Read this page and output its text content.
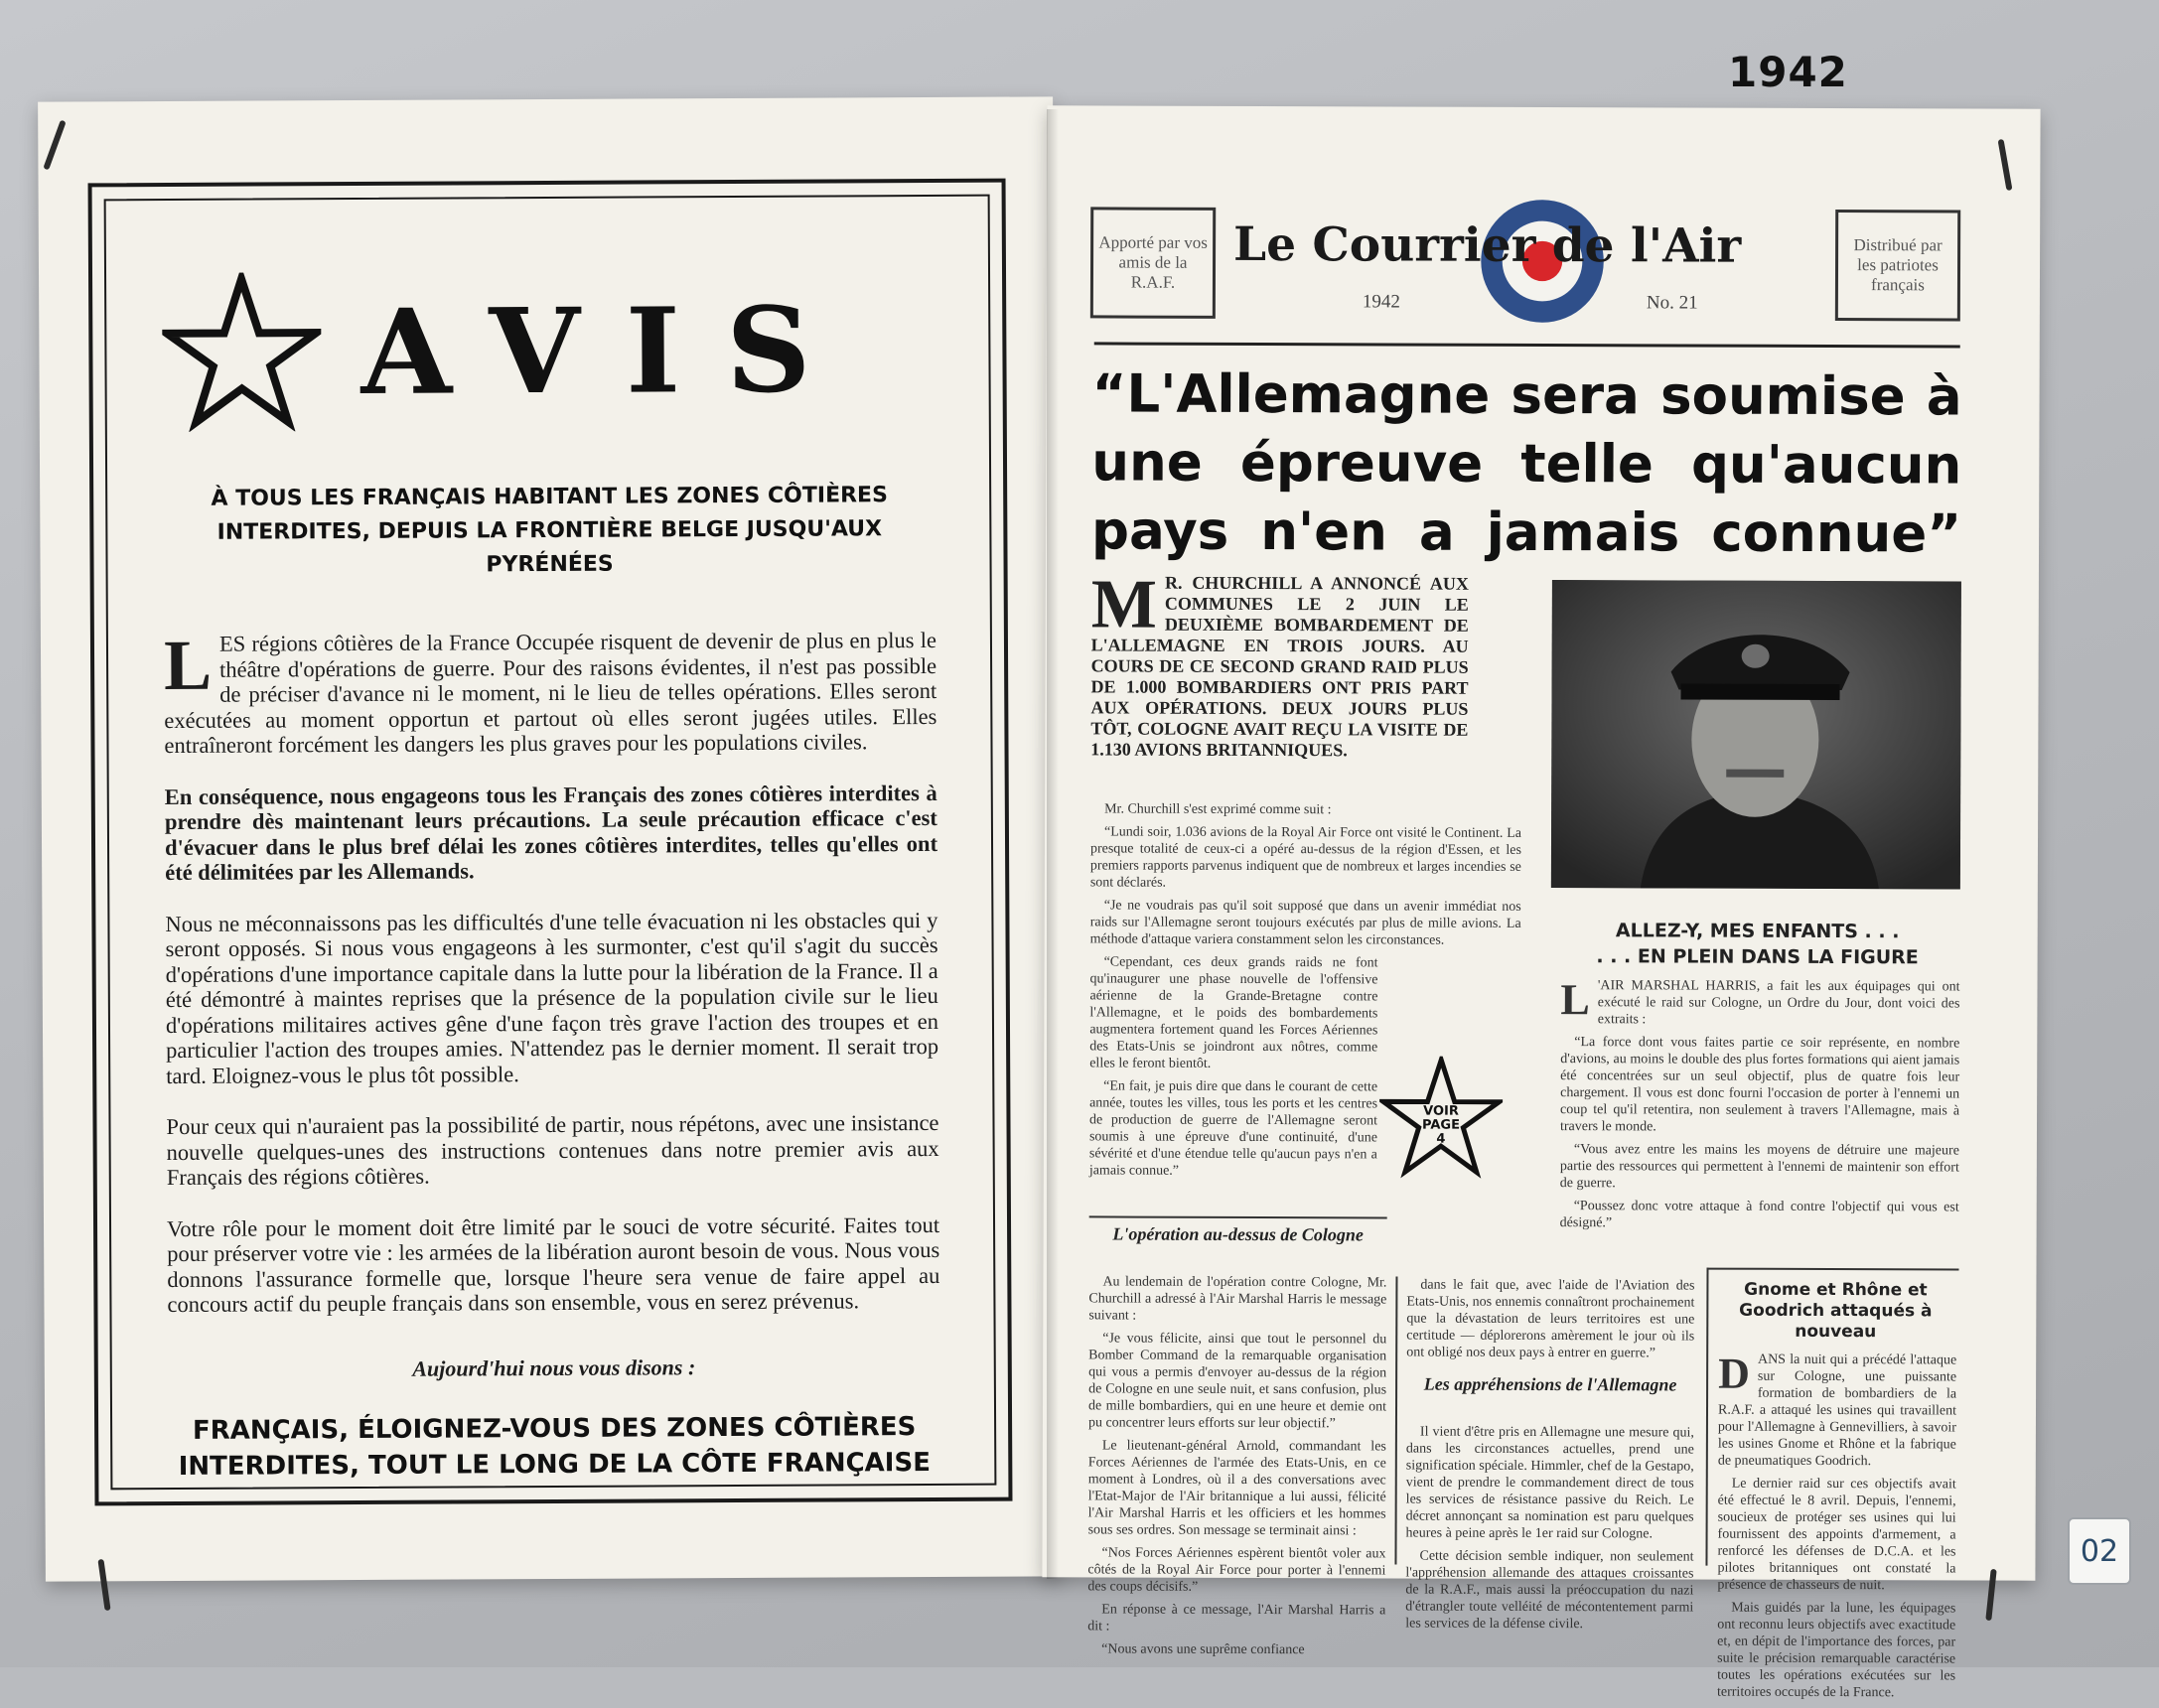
1942
AVIS
À TOUS LES FRANÇAIS HABITANT LES ZONES CÔTIÈRES INTERDITES, DEPUIS LA FRONTIÈRE BELGE JUSQU'AUX PYRÉNÉES

LES régions côtières de la France Occupée risquent de devenir de plus en plus le théâtre d'opérations de guerre. Pour des raisons évidentes, il n'est pas possible de préciser d'avance ni le moment, ni le lieu de telles opérations. Elles seront exécutées au moment opportun et partout où elles seront jugées utiles. Elles entraîneront forcément les dangers les plus graves pour les populations civiles.

En conséquence, nous engageons tous les Français des zones côtières interdites à prendre dès maintenant leurs précautions. La seule précaution efficace c'est d'évacuer dans le plus bref délai les zones côtières interdites, telles qu'elles ont été délimitées par les Allemands.

Nous ne méconnaissons pas les difficultés d'une telle évacuation ni les obstacles qui y seront opposés. Si nous vous engageons à les surmonter, c'est qu'il s'agit du succès d'opérations d'une importance capitale dans la lutte pour la libération de la France. Il a été démontré à maintes reprises que la présence de la population civile sur le lieu d'opérations militaires actives gêne d'une façon très grave l'action des troupes et en particulier l'action des troupes amies. N'attendez pas le dernier moment. Il serait trop tard. Eloignez-vous le plus tôt possible.

Pour ceux qui n'auraient pas la possibilité de partir, nous répétons, avec une insistance nouvelle quelques-unes des instructions contenues dans notre premier avis aux Français des régions côtières.

Votre rôle pour le moment doit être limité par le souci de votre sécurité. Faites tout pour préserver votre vie : les armées de la libération auront besoin de vous. Nous vous donnons l'assurance formelle que, lorsque l'heure sera venue de faire appel au concours actif du peuple français dans son ensemble, vous en serez prévenus.

Aujourd'hui nous vous disons :
FRANÇAIS, ÉLOIGNEZ-VOUS DES ZONES CÔTIÈRES
INTERDITES, TOUT LE LONG DE LA CÔTE FRANÇAISE
Apporté par vos amis de la R.A.F.
Le Courrier de l'Air	Distribué par les patriotes français
1942	No. 21
“L'Allemagne sera soumise à une épreuve telle qu'aucun pays n'en a jamais connue”
M R. CHURCHILL A ANNONCÉ AUX COMMUNES LE 2 JUIN LE DEUXIÈME BOMBARDEMENT DE L'ALLEMAGNE EN TROIS JOURS. AU COURS DE CE SECOND GRAND RAID PLUS DE 1.000 BOMBARDIERS ONT PRIS PART AUX OPÉRATIONS. DEUX JOURS PLUS TÔT, COLOGNE AVAIT REÇU LA VISITE DE 1.130 AVIONS BRITANNIQUES.

Mr. Churchill s'est exprimé comme suit :

“Lundi soir, 1.036 avions de la Royal Air Force ont visité le Continent. La presque totalité de ceux-ci a opéré au-dessus de la région d'Essen, et les premiers rapports parvenus indiquent que de nombreux et larges incendies se sont déclarés.

“Je ne voudrais pas qu'il soit supposé que dans un avenir immédiat nos raids sur l'Allemagne seront toujours exécutés par plus de mille avions. La méthode d'attaque variera constamment selon les circonstances.

“Cependant, ces deux grands raids ne font qu'inaugurer une phase nouvelle de l'offensive aérienne de la Grande-Bretagne contre l'Allemagne, et le poids des bombardements augmentera fortement quand les Forces Aériennes des Etats-Unis se joindront aux nôtres, comme elles le feront bientôt.

“En fait, je puis dire que dans le courant de cette année, toutes les villes, tous les ports et les centres de production de guerre de l'Allemagne seront soumis à une épreuve d'une continuité, d'une sévérité et d'une étendue telle qu'aucun pays n'en a jamais connue.”

ALLEZ-Y, MES ENFANTS . . .
. . . EN PLEIN DANS LA FIGURE

L 'AIR MARSHAL HARRIS, a fait les aux équipages qui ont exécuté le raid sur Cologne, un Ordre du Jour, dont voici des extraits :

“La force dont vous faites partie ce soir représente, en nombre d'avions, au moins le double des plus fortes formations qui aient jamais été concentrées sur un seul objectif, plus de quatre fois leur chargement. Il vous est donc fourni l'occasion de porter à l'ennemi un coup tel qu'il retentira, non seulement à travers l'Allemagne, mais à travers le monde.

“Vous avez entre les mains les moyens de détruire une majeure partie des ressources qui permettent à l'ennemi de maintenir son effort de guerre.

“Poussez donc votre attaque à fond contre l'objectif qui vous est désigné.”

VOIR
PAGE
4
L'opération au-dessus de Cologne

Au lendemain de l'opération contre Cologne, Mr. Churchill a adressé à l'Air Marshal Harris le message suivant :

“Je vous félicite, ainsi que tout le personnel du Bomber Command de la remarquable organisation qui vous a permis d'envoyer au-dessus de la région de Cologne en une seule nuit, et sans confusion, plus de mille bombardiers, qui en une heure et demie ont pu concentrer leurs efforts sur leur objectif.”

Le lieutenant-général Arnold, commandant les Forces Aériennes de l'armée des Etats-Unis, en ce moment à Londres, où il a des conversations avec l'Etat-Major de l'Air britannique a lui aussi, félicité l'Air Marshal Harris et les officiers et les hommes sous ses ordres. Son message se terminait ainsi :

“Nos Forces Aériennes espèrent bientôt voler aux côtés de la Royal Air Force pour porter à l'ennemi des coups décisifs.”

En réponse à ce message, l'Air Marshal Harris a dit :

“Nous avons une suprême confiance

dans le fait que, avec l'aide de l'Aviation des Etats-Unis, nos ennemis connaîtront prochainement que la dévastation de leurs territoires est une certitude — déplorerons amèrement le jour où ils ont obligé nos deux pays à entrer en guerre.”

Les appréhensions de l'Allemagne

Il vient d'être pris en Allemagne une mesure qui, dans les circonstances actuelles, prend une signification spéciale. Himmler, chef de la Gestapo, vient de prendre le commandement direct de tous les services de résistance passive du Reich. Le décret annonçant sa nomination est paru quelques heures à peine après le 1er raid sur Cologne.

Cette décision semble indiquer, non seulement l'appréhension allemande des attaques croissantes de la R.A.F., mais aussi la préoccupation du nazi d'étrangler toute velléité de mécontentement parmi les services de la défense civile.

Gnome et Rhône et Goodrich attaqués à nouveau

DANS la nuit qui a précédé l'attaque sur Cologne, une puissante formation de bombardiers de la R.A.F. a attaqué les usines qui travaillent pour l'Allemagne à Gennevilliers, à savoir les usines Gnome et Rhône et la fabrique de pneumatiques Goodrich.

Le dernier raid sur ces objectifs avait été effectué le 8 avril. Depuis, l'ennemi, soucieux de protéger ses usines qui lui fournissent des appoints d'armement, a renforcé les défenses de D.C.A. et les pilotes britanniques ont constaté la présence de chasseurs de nuit.

Mais guidés par la lune, les équipages ont reconnu leurs objectifs avec exactitude et, en dépit de l'importance des forces, par suite le précision remarquable caractérise toutes les opérations exécutées sur les territoires occupés de la France.

02
